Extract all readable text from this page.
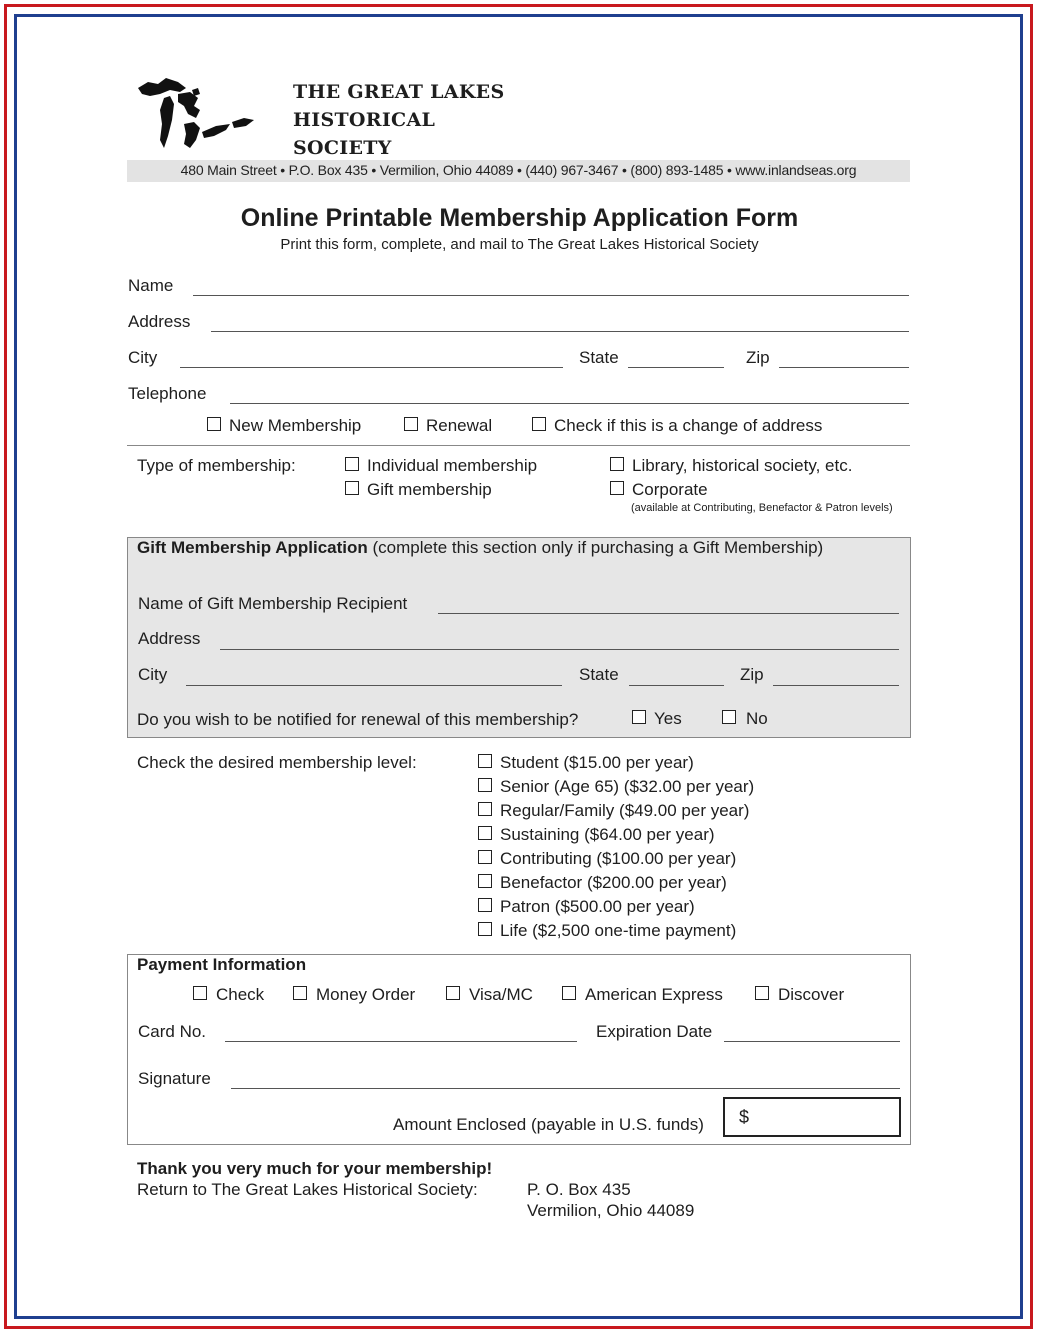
THE GREAT LAKES
HISTORICAL
SOCIETY
480 Main Street • P.O. Box 435 • Vermilion, Ohio 44089 • (440) 967-3467 • (800) 893-1485 • www.inlandseas.org
Online Printable Membership Application Form
Print this form, complete, and mail to The Great Lakes Historical Society
Name
Address
City	State	Zip
Telephone
New Membership	Renewal	Check if this is a change of address
Type of membership:	Individual membership
Gift membership
Library, historical society, etc.
Corporate
(available at Contributing, Benefactor & Patron levels)
Gift Membership Application (complete this section only if purchasing a Gift Membership)
Name of Gift Membership Recipient
Address
City	State	Zip
Do you wish to be notified for renewal of this membership?	Yes	No
Check the desired membership level:	Student ($15.00 per year)
Senior (Age 65) ($32.00 per year)
Regular/Family ($49.00 per year)
Sustaining ($64.00 per year)
Contributing ($100.00 per year)
Benefactor ($200.00 per year)
Patron ($500.00 per year)
Life ($2,500 one-time payment)
Payment Information
Check	Money Order	Visa/MC	American Express	Discover
Card No.	Expiration Date
Signature
Amount Enclosed (payable in U.S. funds) $
Thank you very much for your membership!
Return to The Great Lakes Historical Society:	P. O. Box 435
Vermilion, Ohio 44089
